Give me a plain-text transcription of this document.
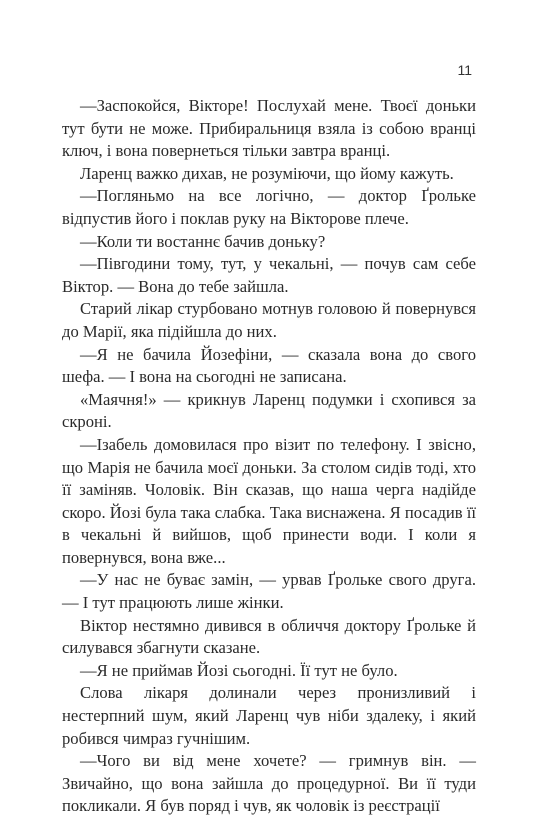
11

—Заспокойся, Вікторе! Послухай мене. Твоєї доньки тут бути не може. Прибиральниця взяла із собою вранці ключ, і вона повернеться тільки завтра вранці.

Ларенц важко дихав, не розуміючи, що йому кажуть.

—Погляньмо на все логічно, — доктор Ґрольке відпустив його і поклав руку на Вікторове плече.

—Коли ти востаннє бачив доньку?

—Півгодини тому, тут, у чекальні, — почув сам себе Віктор. — Вона до тебе зайшла.

Старий лікар стурбовано мотнув головою й повернувся до Марії, яка підійшла до них.

—Я не бачила Йозефіни, — сказала вона до свого шефа. — І вона на сьогодні не записана.

«Маячня!» — крикнув Ларенц подумки і схопився за скроні.

—Ізабель домовилася про візит по телефону. І звісно, що Марія не бачила моєї доньки. За столом сидів тоді, хто її заміняв. Чоловік. Він сказав, що наша черга надійде скоро. Йозі була така слабка. Така виснажена. Я посадив її в чекальні й вийшов, щоб принести води. І коли я повернувся, вона вже...

—У нас не буває замін, — урвав Ґрольке свого друга. — І тут працюють лише жінки.

Віктор нестямно дивився в обличчя доктору Ґрольке й силувався збагнути сказане.

—Я не приймав Йозі сьогодні. Її тут не було.

Слова лікаря долинали через пронизливий і нестерпний шум, який Ларенц чув ніби здалеку, і який робився чимраз гучнішим.

—Чого ви від мене хочете? — гримнув він. — Звичайно, що вона зайшла до процедурної. Ви її туди покликали. Я був поряд і чув, як чоловік із реєстрації
